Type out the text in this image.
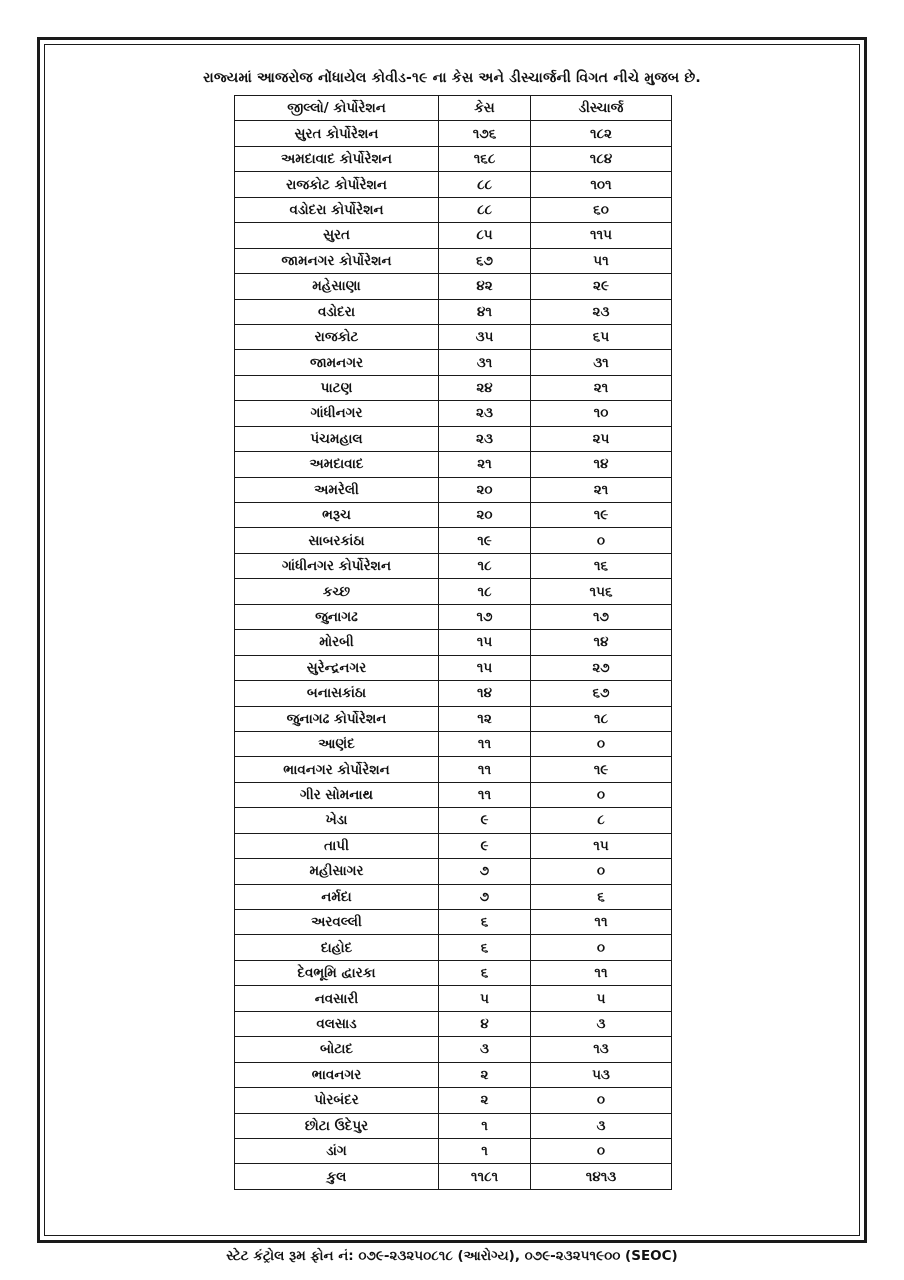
રાજ્યમાં આજરોજ નોંધાયેલ કોવીડ-૧૯ ના કેસ અને ડીસ્ચાર્જની વિગત નીચે મુજબ છે.
જીલ્લો/ કોર્પોરેશન	કેસ	ડીસ્ચાર્જ
સુરત કોર્પોરેશન	૧૭૬	૧૮૨
અમદાવાદ કોર્પોરેશન	૧૬૮	૧૮૪
રાજકોટ કોર્પોરેશન	૮૮	૧૦૧
વડોદરા કોર્પોરેશન	૮૮	૬૦
સુરત	૮૫	૧૧૫
જામનગર કોર્પોરેશન	૬૭	૫૧
મહેસાણા	૪૨	૨૯
વડોદરા	૪૧	૨૩
રાજકોટ	૩૫	૬૫
જામનગર	૩૧	૩૧
પાટણ	૨૪	૨૧
ગાંધીનગર	૨૩	૧૦
પંચમહાલ	૨૩	૨૫
અમદાવાદ	૨૧	૧૪
અમરેલી	૨૦	૨૧
ભરૂચ	૨૦	૧૯
સાબરકાંઠા	૧૯	૦
ગાંધીનગર કોર્પોરેશન	૧૮	૧૬
કચ્છ	૧૮	૧૫૬
જુનાગઢ	૧૭	૧૭
મોરબી	૧૫	૧૪
સુરેન્દ્રનગર	૧૫	૨૭
બનાસકાંઠા	૧૪	૬૭
જુનાગઢ કોર્પોરેશન	૧૨	૧૮
આણંદ	૧૧	૦
ભાવનગર કોર્પોરેશન	૧૧	૧૯
ગીર સોમનાથ	૧૧	૦
ખેડા	૯	૮
તાપી	૯	૧૫
મહીસાગર	૭	૦
નર્મદા	૭	૬
અરવલ્લી	૬	૧૧
દાહોદ	૬	૦
દેવભૂમિ દ્વારકા	૬	૧૧
નવસારી	૫	૫
વલસાડ	૪	૩
બોટાદ	૩	૧૩
ભાવનગર	૨	૫૩
પોરબંદર	૨	૦
છોટા ઉદેપુર	૧	૩
ડાંગ	૧	૦
કુલ	૧૧૮૧	૧૪૧૩
સ્ટેટ કંટ્રોલ રૂમ ફોન નં: ૦૭૯-૨૩૨૫૦૮૧૮ (આરોગ્ય), ૦૭૯-૨૩૨૫૧૯૦૦ (SEOC)
